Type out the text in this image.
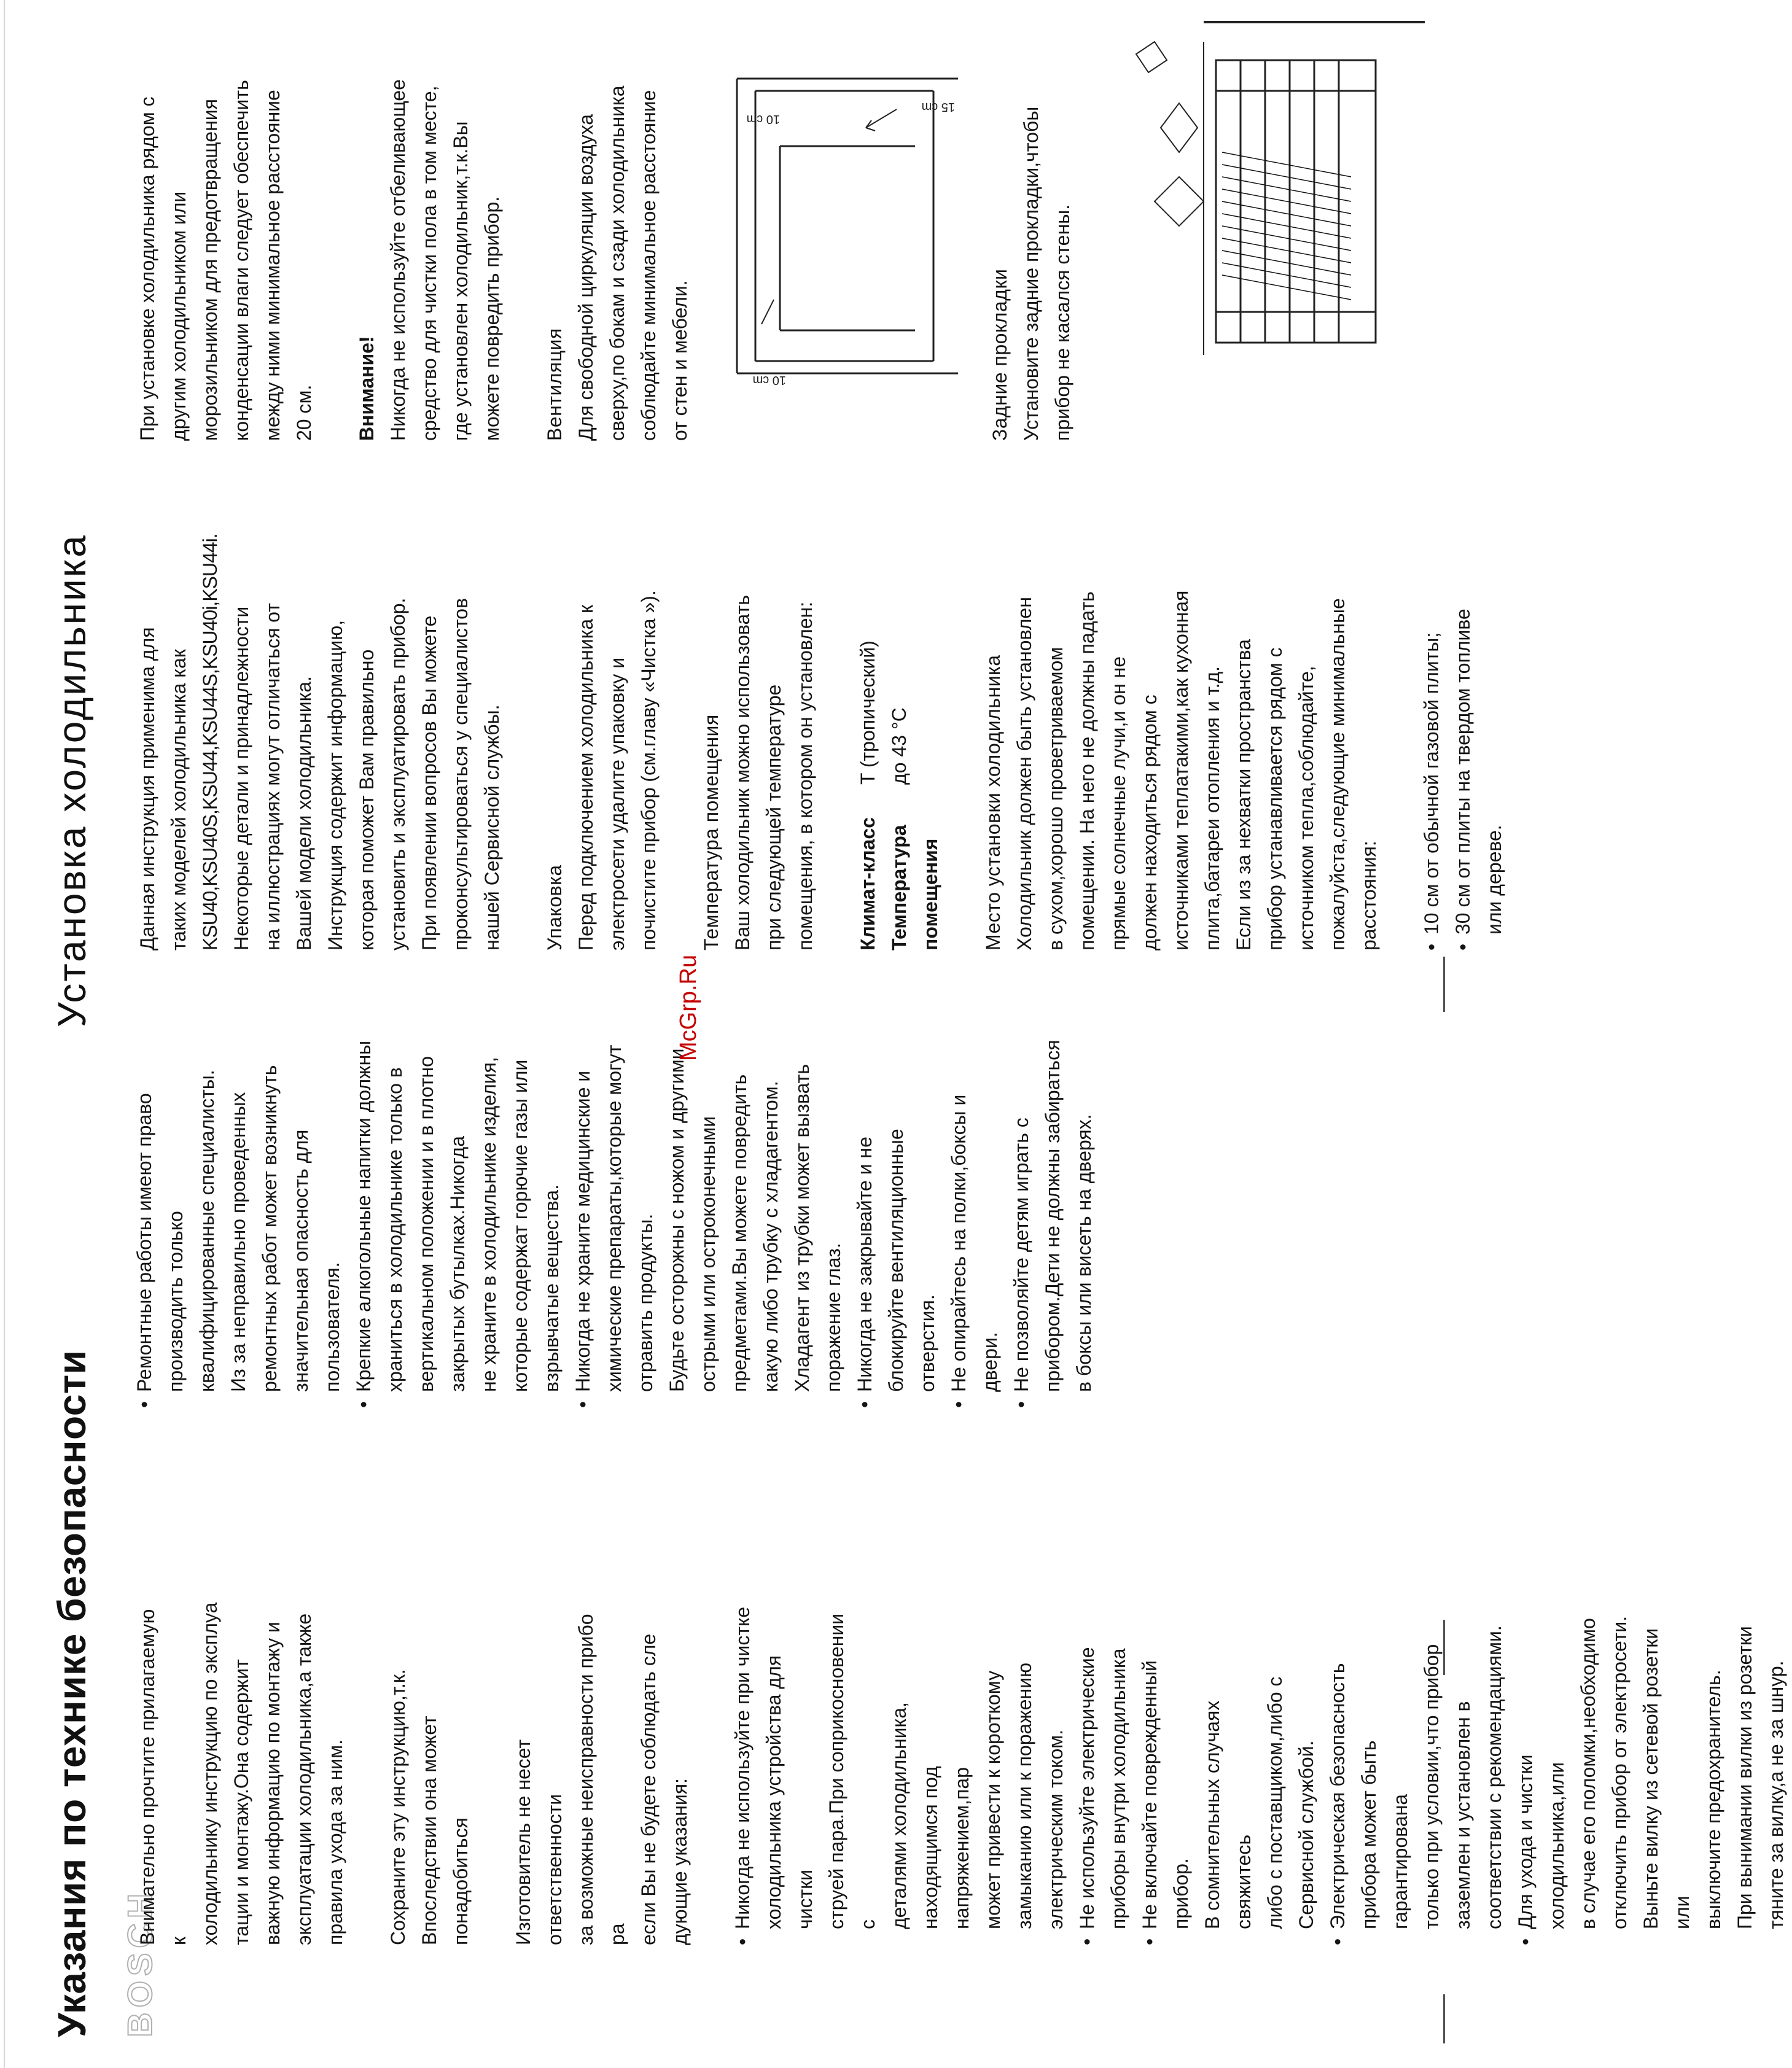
Указания по технике безопасности BOSCH

Внимательно прочтите прилагаемую к холодильнику инструкцию по эксплуа тации и монтажу.Она содержит важную информацию по монтажу и эксплуатации холодильника,а также правила ухода за ним. Сохраните эту инструкцию,т.к. Впоследствии она может понадобиться Изготовитель не несет ответственности за возможные неисправности прибо ра если Вы не будете соблюдать сле дующие указания: • Никогда не используйте при чистке холодильника устройства для чистки струей пара.При соприкосновении с деталями холодильника, находящимся под напряжением,пар может привести к короткому замыканию или к поражению электрическим током. • Не используйте электрические приборы внутри холодильника • Не включайте поврежденный прибор. В сомнительных случаях свяжитесь либо с поставщиком,либо с Сервисной службой. • Электрическая безопасность прибора может быть гарантирована только при условии,что прибор заземлен и установлен в соответствии с рекомендациями. • Для ухода и чистки холодильника,или в случае его поломки,необходимо отключить прибор от электросети. Выньте вилку из сетевой розетки или выключите предохранитель. При вынимании вилки из розетки тяните за вилку,а не за шнур.

• Ремонтные работы имеют право производить только квалифицированные специалисты. Из за неправильно проведенных ремонтных работ может возникнуть значительная опасность для пользователя. • Крепкие алкогольные напитки должны храниться в холодильнике только в вертикальном положении и в плотно закрытых бутылках.Никогда не храните в холодильнике изделия, которые содержат горючие газы или взрывчатые вещества. • Никогда не храните медицинские и химические препараты,которые могут отравить продукты. Будьте осторожны с ножом и другими острыми или остроконечными предметами.Вы можете повредить какую либо трубку с хладагентом. Хладагент из трубки может вызвать поражение глаз. • Никогда не закрывайте и не блокируйте вентиляционные отверстия. • Не опирайтесь на полки,боксы и двери. • Не позволяйте детям играть с прибором.Дети не должны забираться в боксы или висеть на дверях.

McGrp.Ru
Установка холодильника Данная инструкция применима для таких моделей холодильника как KSU40,KSU40S,KSU44,KSU44S,KSU40i,KSU44i. Некоторые детали и принадлежности на иллюстрациях могут отличаться от Вашей модели холодильника. Инструкция содержит информацию, которая поможет Вам правильно установить и эксплуатировать прибор. При появлении вопросов Вы можете проконсультироваться у специалистов нашей Сервисной службы. Упаковка Перед подключением холодильника к электросети удалите упаковку и почистите прибор (см.главу «Чистка »). Температура помещения Ваш холодильник можно использовать при следующей температуре помещения, в котором он установлен: Климат-класс

T (тропический)

Температура

до 43 °C

помещения Место установки холодильника Холодильник должен быть установлен в сухом,хорошо проветриваемом помещении. На него не должны падать прямые солнечные лучи,и он не должен находиться рядом с источниками теплатакими,как кухонная плита,батареи отопления и т.д. Если из за нехватки пространства прибор устанавливается рядом с источником тепла,соблюдайте, пожалуйста,следующие минимальные расстояния: • 10 см от обычной газовой плиты; • 30 см от плиты на твердом топливе или дереве.

При установке холодильника рядом с другим холодильником или морозильником для предотвращения конденсации влаги следует обеспечить между ними минимальное расстояние 20 см. Внимание! Никогда не используйте отбеливающее средство для чистки пола в том месте, где установлен холодильник,т.к.Вы можете повредить прибор. Вентиляция Для свободной циркуляции воздуха сверху,по бокам и сзади холодильника соблюдайте минимальное расстояние от стен и мебели.	Задние прокладки Установите задние прокладки,чтобы прибор не касался стены.

15 cm
10 cm
10 cm
